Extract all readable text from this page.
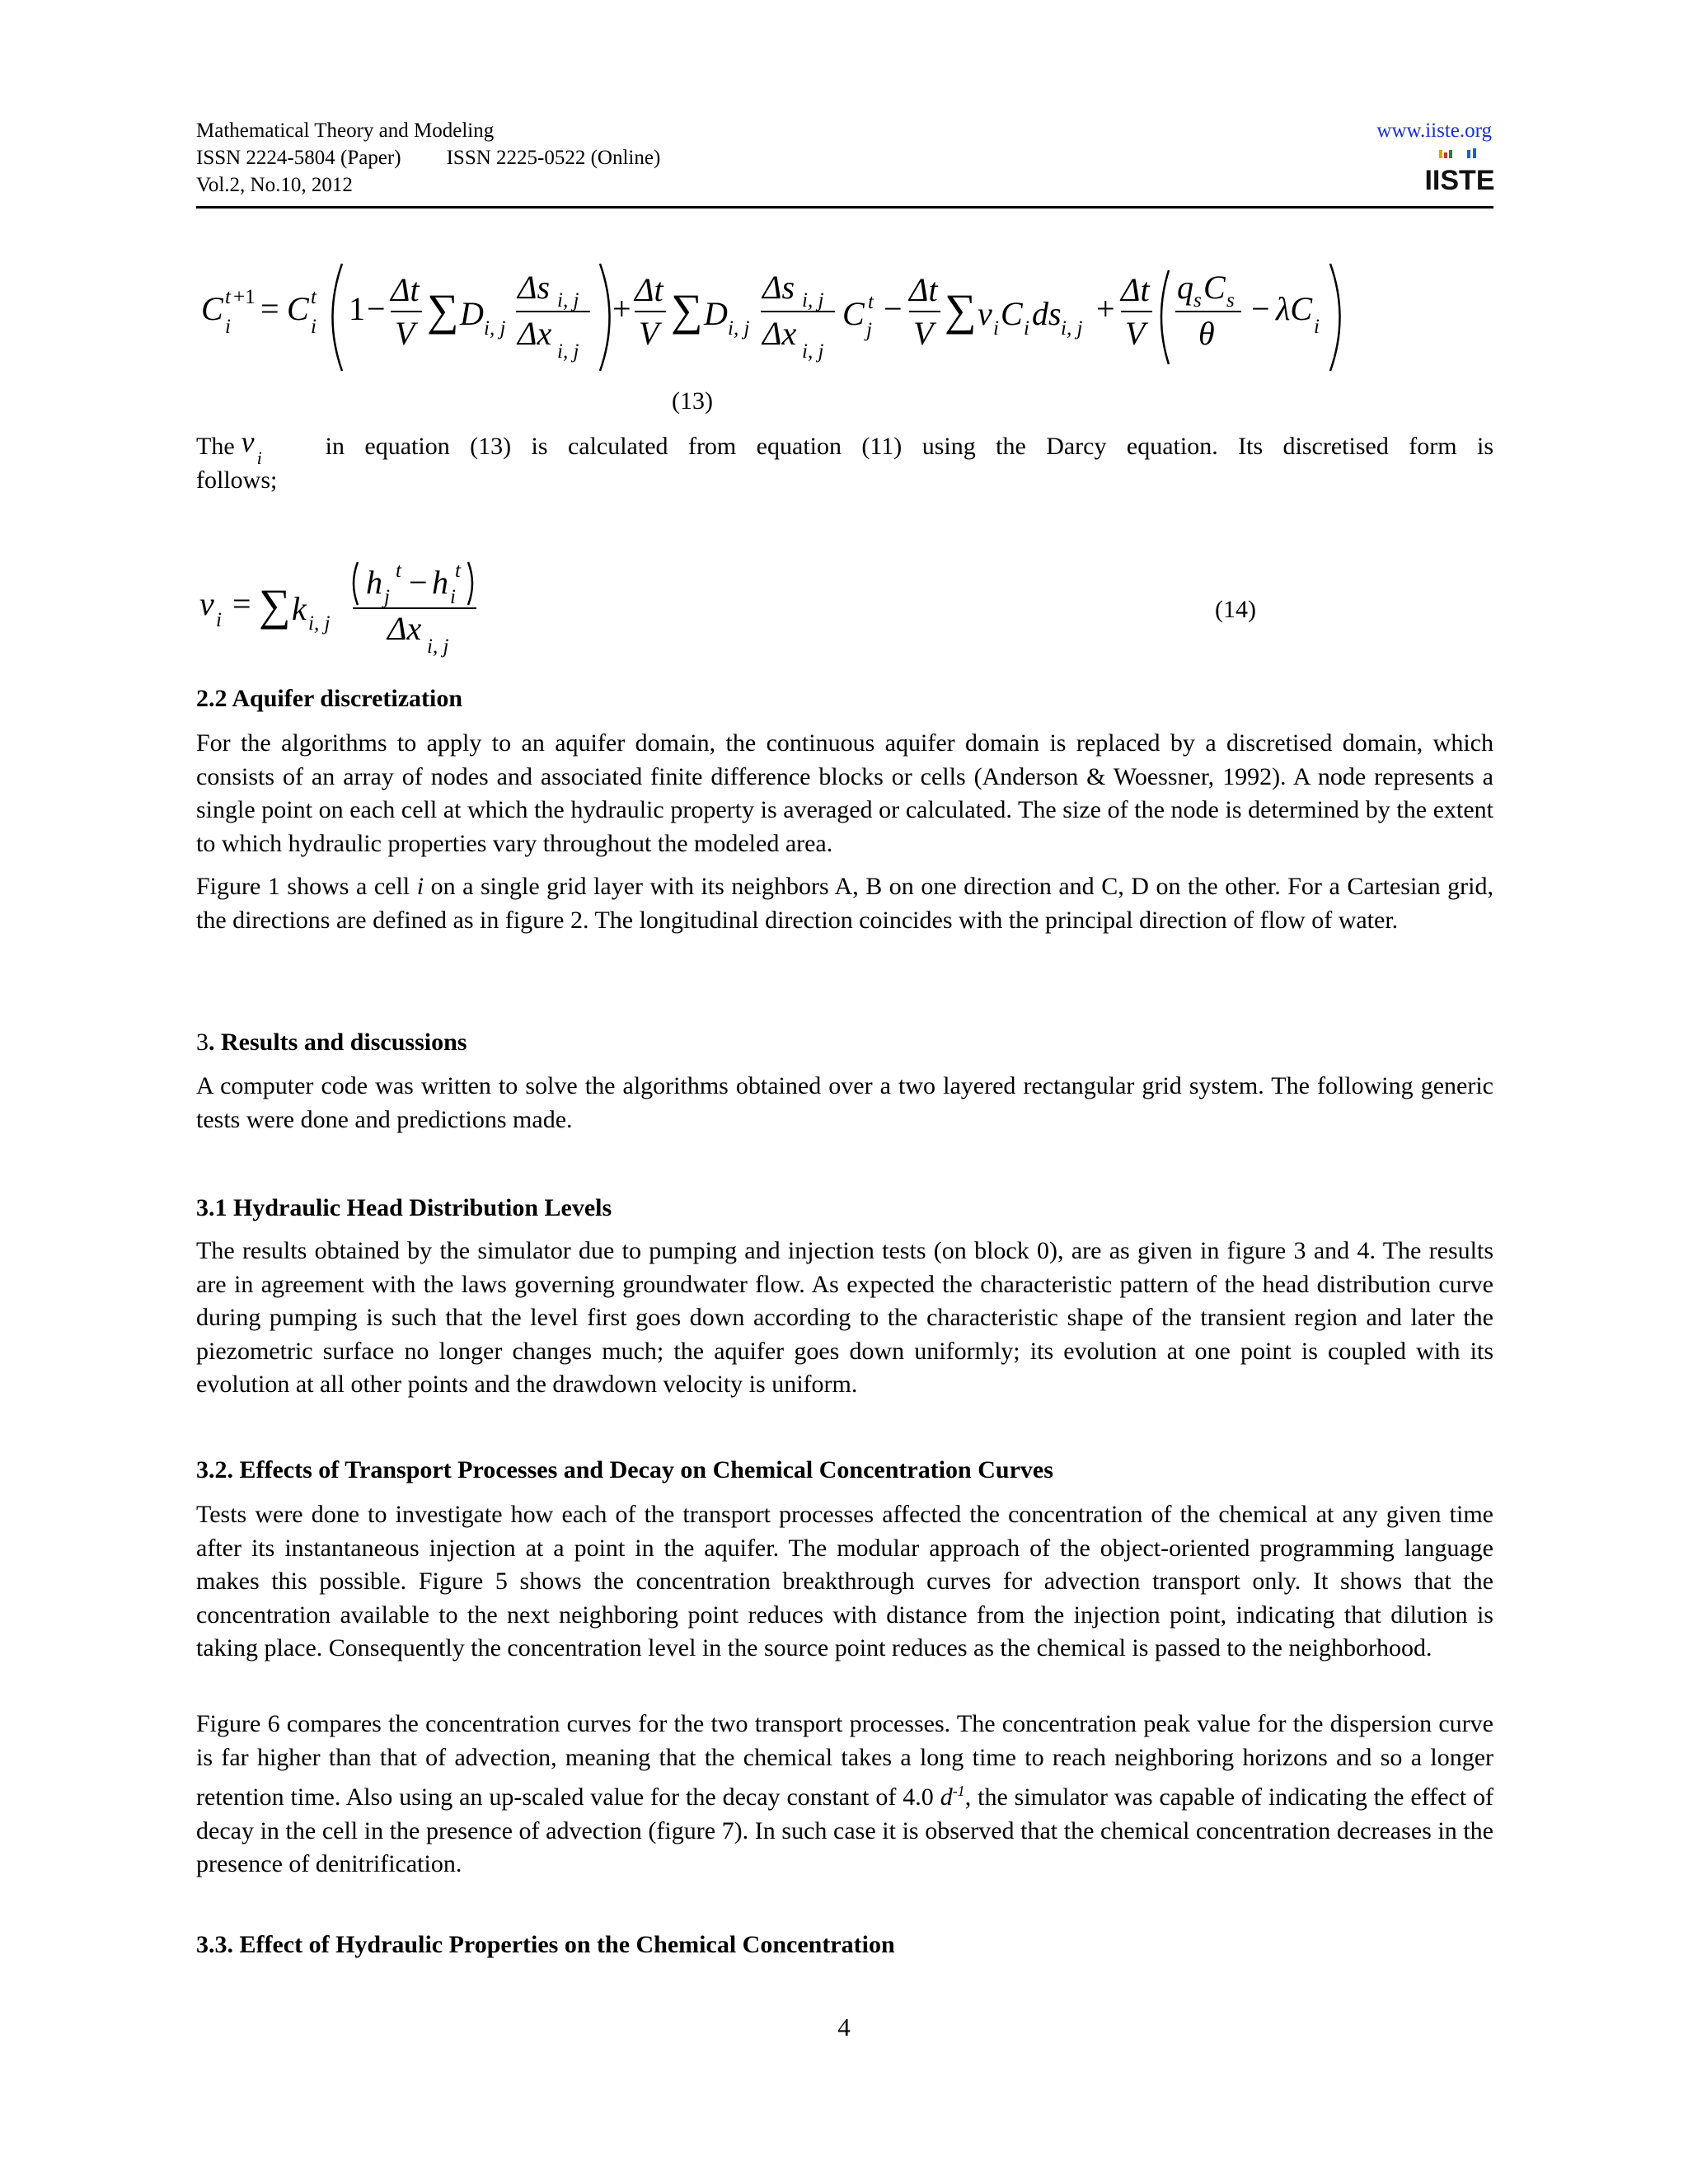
Mathematical Theory and Modeling
ISSN 2224-5804 (Paper) ISSN 2225-0522 (Online)
Vol.2, No.10, 2012
www.iiste.org
IISTE
C i
t +1 = C i
t 1 −
Δt
V ∑ D i, j
Δs i, j
Δx i, j
+
Δt
V ∑ D i, j
Δs i, j
Δx i, j
C j
t −
Δt
V ∑ v i C i ds i, j
+
Δt
V
q s C s
θ
− λC i
(13)
The v i	in equation (13) is calculated from equation (11) using the Darcy equation. Its discretised form is
follows;
v i = ∑ k i, j
h j
t − h i
t
Δx i, j
(14)
2.2 Aquifer discretization
For the algorithms to apply to an aquifer domain, the continuous aquifer domain is replaced by a discretised domain, which consists of an array of nodes and associated finite difference blocks or cells (Anderson & Woessner, 1992). A node represents a single point on each cell at which the hydraulic property is averaged or calculated. The size of the node is determined by the extent to which hydraulic properties vary throughout the modeled area.
Figure 1 shows a cell i on a single grid layer with its neighbors A, B on one direction and C, D on the other. For a Cartesian grid, the directions are defined as in figure 2. The longitudinal direction coincides with the principal direction of flow of water.
3. Results and discussions
A computer code was written to solve the algorithms obtained over a two layered rectangular grid system. The following generic tests were done and predictions made.
3.1 Hydraulic Head Distribution Levels
The results obtained by the simulator due to pumping and injection tests (on block 0), are as given in figure 3 and 4. The results are in agreement with the laws governing groundwater flow. As expected the characteristic pattern of the head distribution curve during pumping is such that the level first goes down according to the characteristic shape of the transient region and later the piezometric surface no longer changes much; the aquifer goes down uniformly; its evolution at one point is coupled with its evolution at all other points and the drawdown velocity is uniform.
3.2. Effects of Transport Processes and Decay on Chemical Concentration Curves
Tests were done to investigate how each of the transport processes affected the concentration of the chemical at any given time after its instantaneous injection at a point in the aquifer. The modular approach of the object-oriented programming language makes this possible. Figure 5 shows the concentration breakthrough curves for advection transport only. It shows that the concentration available to the next neighboring point reduces with distance from the injection point, indicating that dilution is taking place. Consequently the concentration level in the source point reduces as the chemical is passed to the neighborhood.
Figure 6 compares the concentration curves for the two transport processes. The concentration peak value for the dispersion curve is far higher than that of advection, meaning that the chemical takes a long time to reach neighboring horizons and so a longer retention time. Also using an up-scaled value for the decay constant of 4.0 $d^{-1}$, the simulator was capable of indicating the effect of decay in the cell in the presence of advection (figure 7). In such case it is observed that the chemical concentration decreases in the presence of denitrification.
3.3. Effect of Hydraulic Properties on the Chemical Concentration
4
